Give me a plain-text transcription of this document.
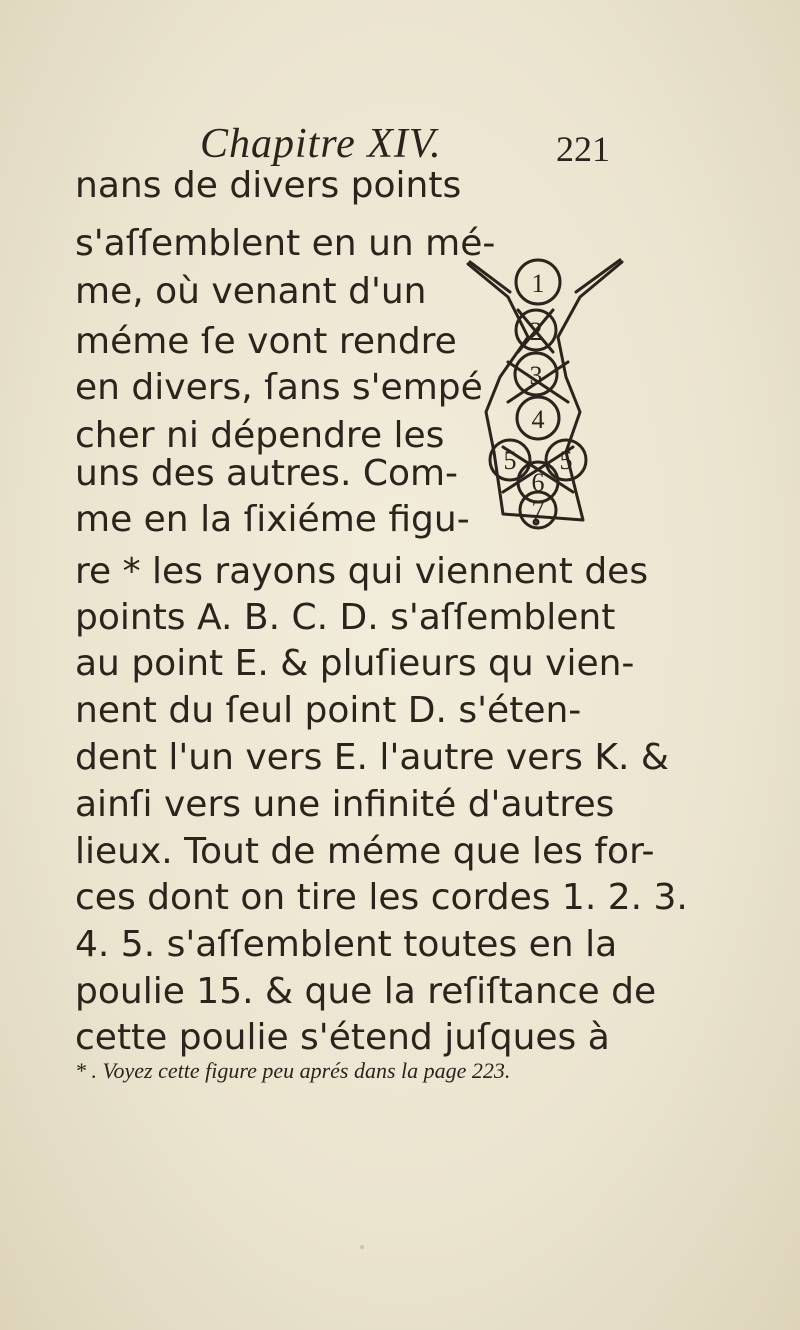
Chapitre XIV.	221
nans de divers points
s'aſſemblent en un mé-
me, où venant d'un
méme ſe vont rendre
en divers, ſans s'empé
cher ni dépendre les
uns des autres. Com-
me en la ſixiéme figu-
re * les rayons qui viennent des
points A. B. C. D. s'aſſemblent
au point E. & pluſieurs qu vien-
nent du ſeul point D. s'éten-
dent l'un vers E. l'autre vers K. &
ainſi vers une infinité d'autres
lieux. Tout de méme que les for-
ces dont on tire les cordes 1. 2. 3.
4. 5. s'aſſemblent toutes en la
poulie 15. & que la reſiſtance de
cette poulie s'étend juſques à
* . Voyez cette figure peu aprés dans la page 223.
1
2
3
4
5 5
6
7
